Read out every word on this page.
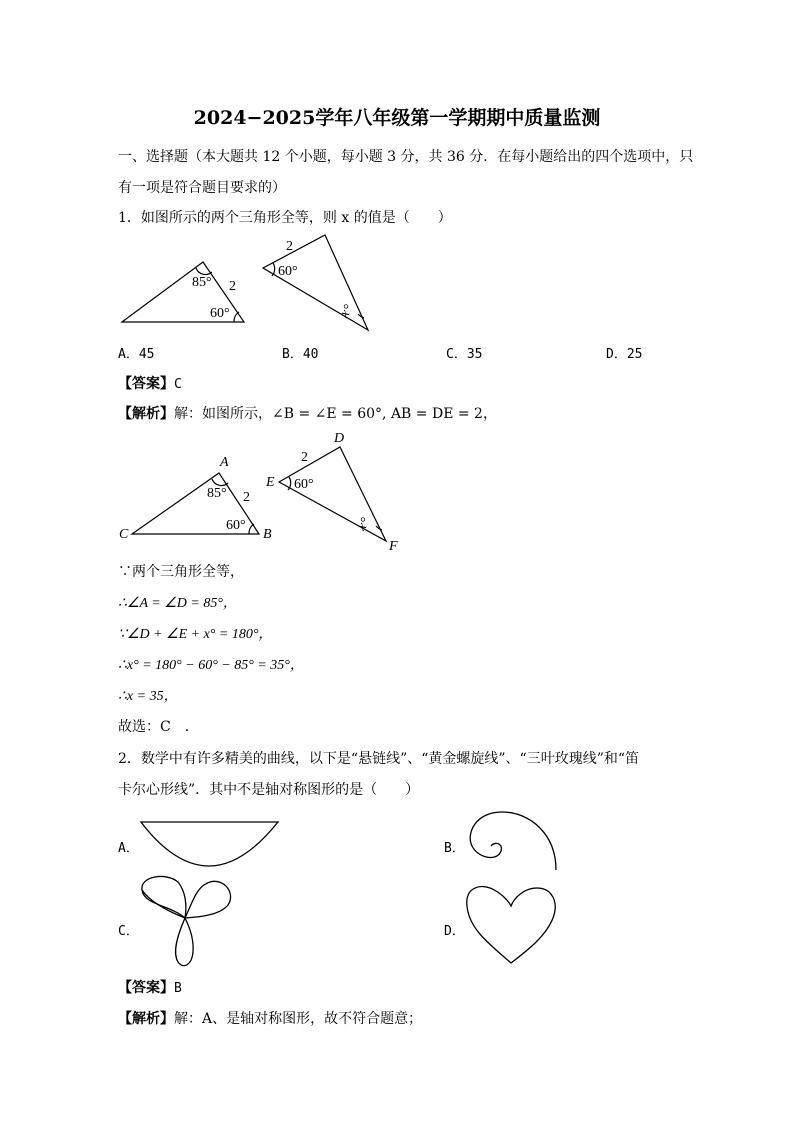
2024−2025学年八年级第一学期期中质量监测
一、选择题（本大题共 12 个小题，每小题 3 分，共 36 分．在每小题给出的四个选项中，只
有一项是符合题目要求的）
1．如图所示的两个三角形全等，则 x 的值是（　　）
85° 2
60°
2
60°
x°
A．45	B．40	C．35	D．25
【答案】C
【解析】解：如图所示，∠B = ∠E = 60°, AB = DE = 2，
A
B
C
D
E
F
85° 2
60°
2
60°
x°
∵两个三角形全等，
∴∠A = ∠D = 85°，
∵∠D + ∠E + x° = 180°，
∴x° = 180° − 60° − 85° = 35°，
∴x = 35，
故选：C　．
2．数学中有许多精美的曲线，以下是“悬链线”、“黄金螺旋线”、“三叶玫瑰线”和“笛
卡尔心形线”．其中不是轴对称图形的是（　　）
A．	B．
C．	D．
【答案】B
【解析】解：A、是轴对称图形，故不符合题意；
